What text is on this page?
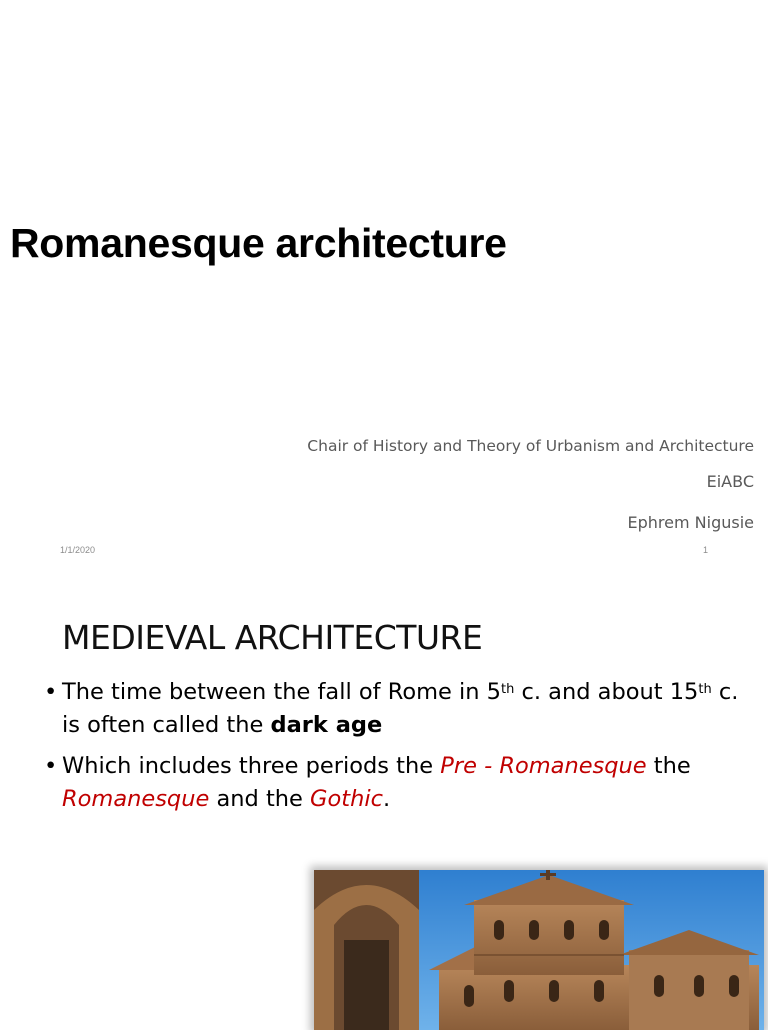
Romanesque architecture
Chair of History and Theory of Urbanism and Architecture
EiABC
Ephrem Nigusie
1/1/2020	1
MEDIEVAL ARCHITECTURE
• The time between the fall of Rome in 5th c. and about 15th c. is often called the dark age
• Which includes three periods the Pre - Romanesque the Romanesque and the Gothic.
